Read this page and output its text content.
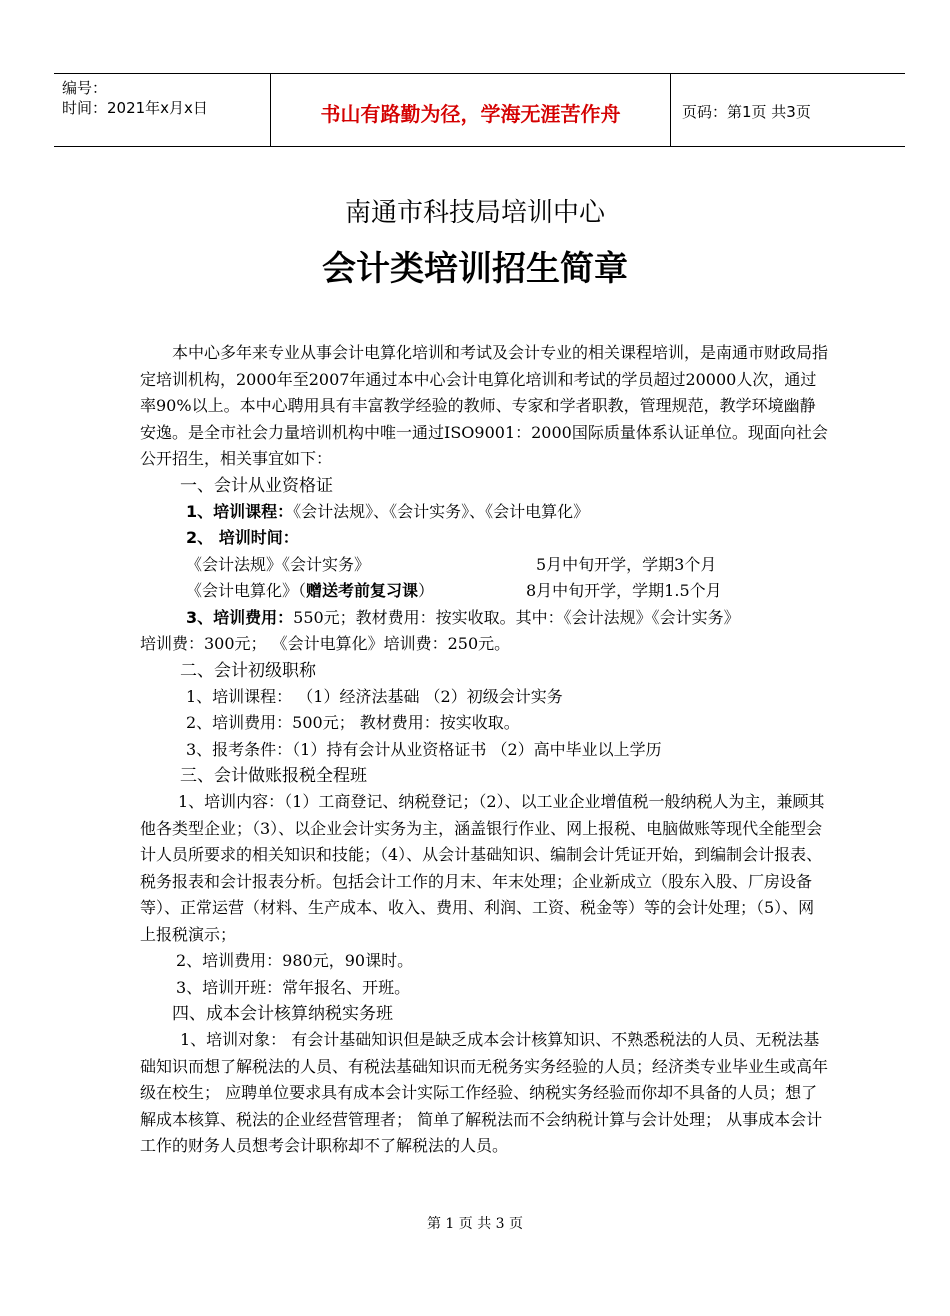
编号：
时间：2021年x月x日	书山有路勤为径，学海无涯苦作舟	页码：第1页 共3页
南通市科技局培训中心
会计类培训招生简章

本中心多年来专业从事会计电算化培训和考试及会计专业的相关课程培训，是南通市财政局指定培训机构，2000年至2007年通过本中心会计电算化培训和考试的学员超过20000人次，通过率90%以上。本中心聘用具有丰富教学经验的教师、专家和学者职教，管理规范，教学环境幽静安逸。是全市社会力量培训机构中唯一通过ISO9001：2000国际质量体系认证单位。现面向社会公开招生，相关事宜如下：

一、会计从业资格证

1、培训课程：《会计法规》、《会计实务》、《会计电算化》

2、 培训时间：

《会计法规》《会计实务》	5月中旬开学，学期3个月
《会计电算化》（赠送考前复习课）	8月中旬开学，学期1.5个月

3、培训费用：550元；教材费用：按实收取。其中：《会计法规》《会计实务》

培训费：300元； 《会计电算化》培训费：250元。

二、会计初级职称

1、培训课程： （1）经济法基础 （2）初级会计实务

2、培训费用：500元； 教材费用：按实收取。

3、报考条件：（1）持有会计从业资格证书 （2）高中毕业以上学历

三、会计做账报税全程班

1、培训内容：（1）工商登记、纳税登记；（2）、以工业企业增值税一般纳税人为主，兼顾其他各类型企业；（3）、以企业会计实务为主，涵盖银行作业、网上报税、电脑做账等现代全能型会计人员所要求的相关知识和技能；（4）、从会计基础知识、编制会计凭证开始，到编制会计报表、税务报表和会计报表分析。包括会计工作的月末、年末处理；企业新成立（股东入股、厂房设备等）、正常运营（材料、生产成本、收入、费用、利润、工资、税金等）等的会计处理；（5）、网上报税演示；

2、培训费用：980元，90课时。

3、培训开班：常年报名、开班。

四、成本会计核算纳税实务班

1、培训对象： 有会计基础知识但是缺乏成本会计核算知识、不熟悉税法的人员、无税法基础知识而想了解税法的人员、有税法基础知识而无税务实务经验的人员；经济类专业毕业生或高年级在校生； 应聘单位要求具有成本会计实际工作经验、纳税实务经验而你却不具备的人员；想了解成本核算、税法的企业经营管理者； 简单了解税法而不会纳税计算与会计处理； 从事成本会计工作的财务人员想考会计职称却不了解税法的人员。

第 1 页 共 3 页
